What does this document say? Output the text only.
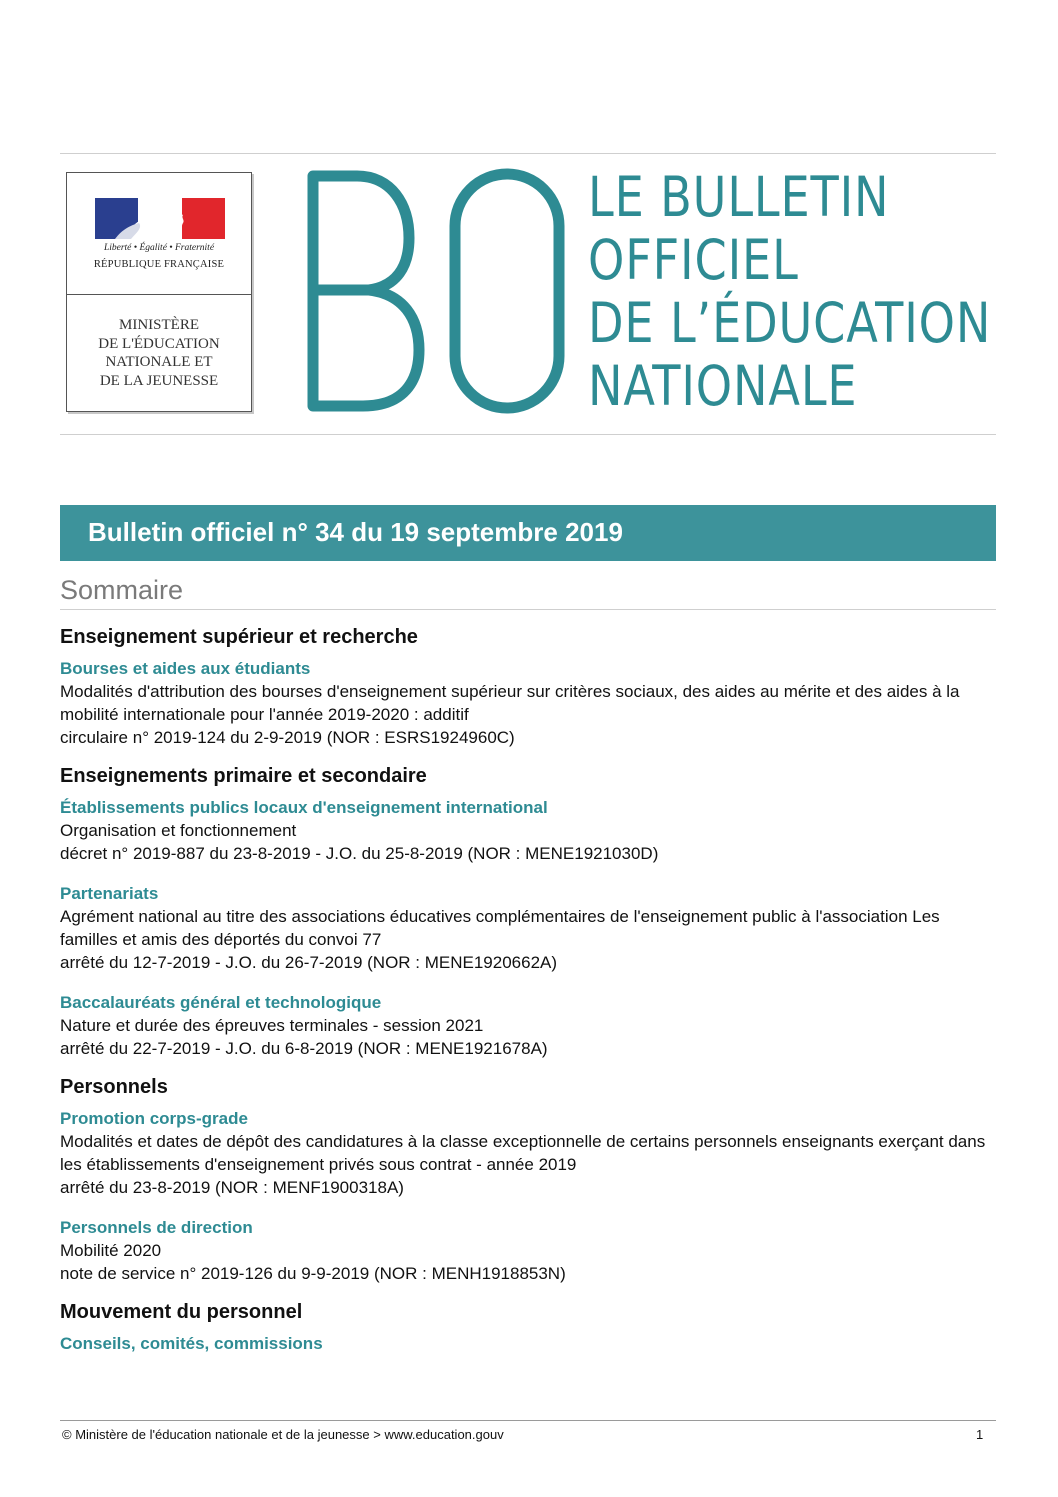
Liberté • Égalité • Fraternité
RÉPUBLIQUE FRANÇAISE
MINISTÈRE
DE L'ÉDUCATION
NATIONALE ET
DE LA JEUNESSE
LE BULLETIN
OFFICIEL
DE L’ÉDUCATION
NATIONALE
Bulletin officiel n° 34 du 19 septembre 2019
Sommaire
Enseignement supérieur et recherche
Bourses et aides aux étudiants
Modalités d'attribution des bourses d'enseignement supérieur sur critères sociaux, des aides au mérite et des aides à la mobilité internationale pour l'année 2019-2020 : additif
circulaire n° 2019-124 du 2-9-2019 (NOR : ESRS1924960C)
Enseignements primaire et secondaire
Établissements publics locaux d'enseignement international
Organisation et fonctionnement
décret n° 2019-887 du 23-8-2019 - J.O. du 25-8-2019 (NOR : MENE1921030D)
Partenariats
Agrément national au titre des associations éducatives complémentaires de l'enseignement public à l'association Les familles et amis des déportés du convoi 77
arrêté du 12-7-2019 - J.O. du 26-7-2019 (NOR : MENE1920662A)
Baccalauréats général et technologique
Nature et durée des épreuves terminales - session 2021
arrêté du 22-7-2019 - J.O. du 6-8-2019 (NOR : MENE1921678A)
Personnels
Promotion corps-grade
Modalités et dates de dépôt des candidatures à la classe exceptionnelle de certains personnels enseignants exerçant dans les établissements d'enseignement privés sous contrat - année 2019
arrêté du 23-8-2019 (NOR : MENF1900318A)
Personnels de direction
Mobilité 2020
note de service n° 2019-126 du 9-9-2019 (NOR : MENH1918853N)
Mouvement du personnel
Conseils, comités, commissions
© Ministère de l'éducation nationale et de la jeunesse > www.education.gouv	1
